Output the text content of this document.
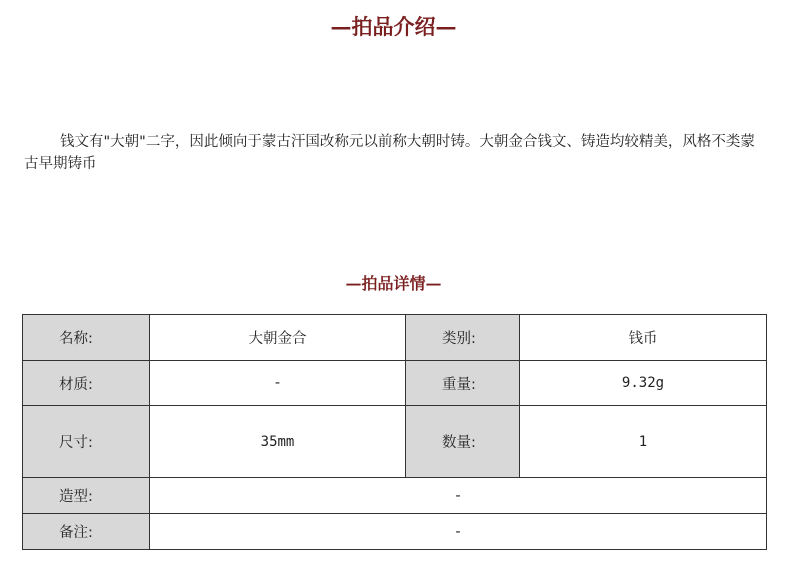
—拍品介绍—

钱文有"大朝"二字，因此倾向于蒙古汗国改称元以前称大朝时铸。大朝金合钱文、铸造均较精美，风格不类蒙古早期铸币

—拍品详情—
名称:	大朝金合	类别:	钱币
材质:	-	重量:	9.32g
尺寸:	35mm	数量:	1
造型:	-		
备注:	-		
